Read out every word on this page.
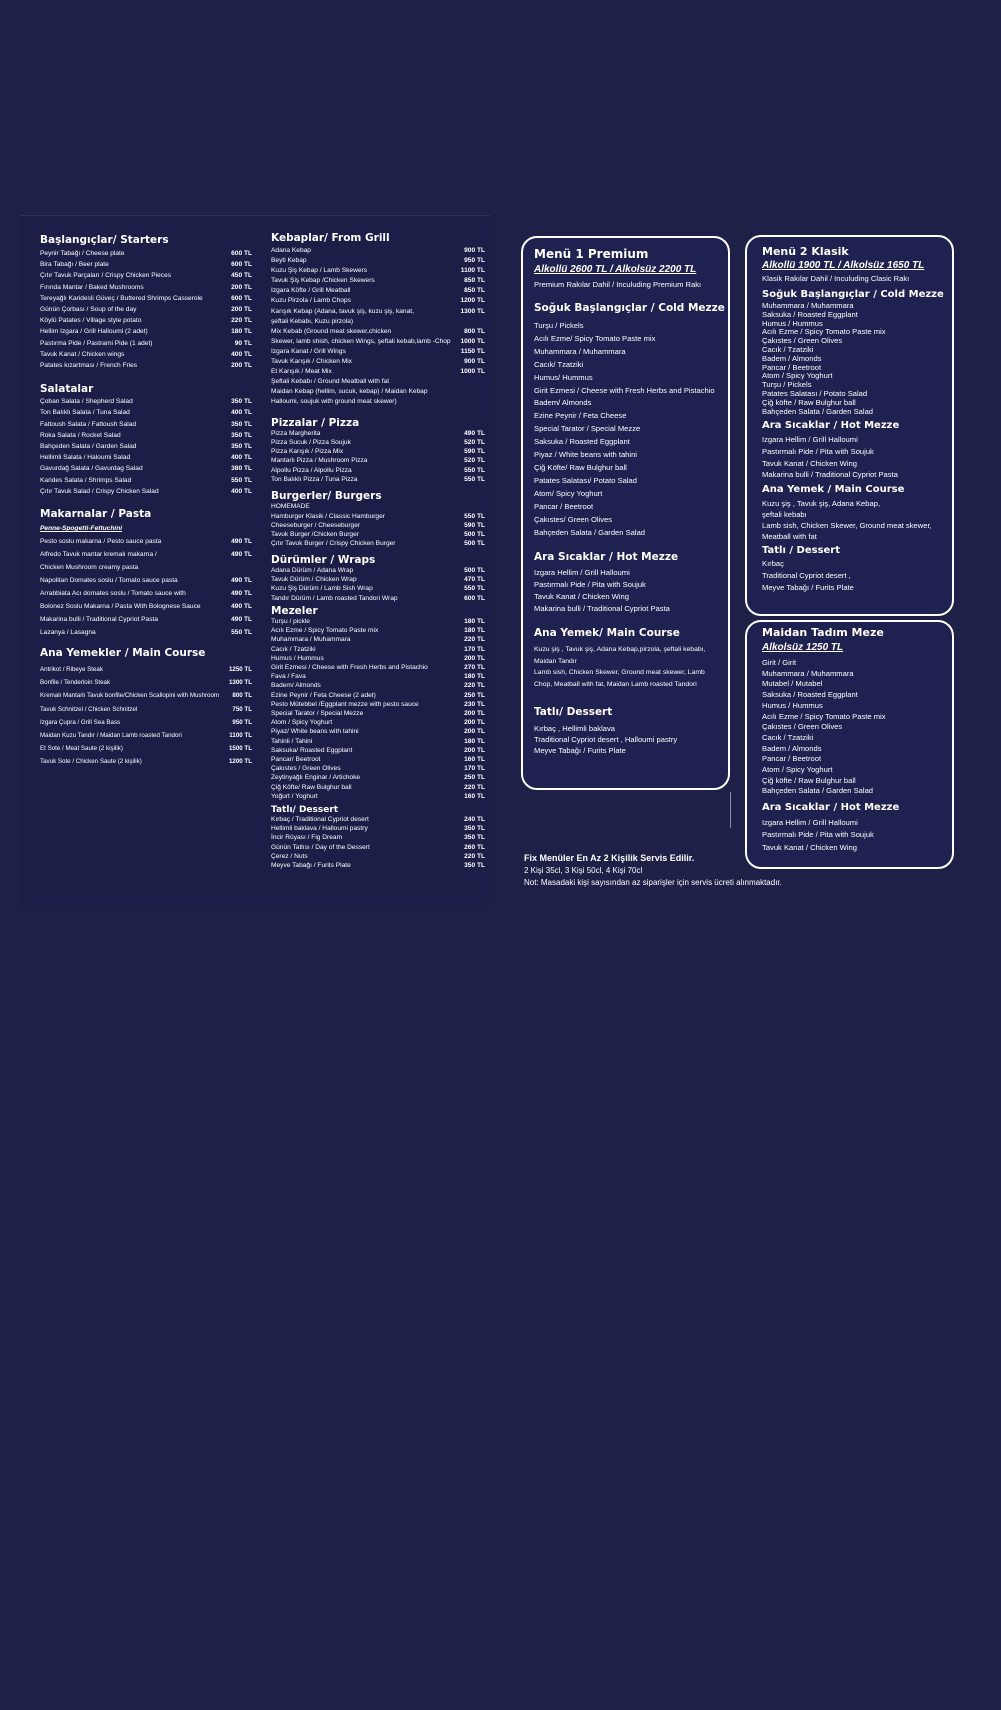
Başlangıçlar/ Starters

Peynir Tabağı / Cheese plate	600 TL
Bira Tabağı / Beer plate	600 TL
Çıtır Tavuk Parçaları / Crispy Chicken Pieces	450 TL
Fırında Mantar / Baked Mushrooms	200 TL
Tereyağlı Karidesli Güveç / Buttered Shrimps Casserole	600 TL
Günün Çorbası / Soup of the day	200 TL
Köylü Patates / Village style potato	220 TL
Hellim Izgara / Grill Halloumi (2 adet)	180 TL
Pastırma Pide / Pastrami Pide (1 adet)	90 TL
Tavuk Kanat / Chicken wings	400 TL
Patates kızartması / French Fries	200 TL

Salatalar

Çoban Salata / Shepherd Salad	350 TL
Ton Balıklı Salata / Tuna Salad	400 TL
Fattoush Salata / Fattoush Salad	350 TL
Roka Salata / Rocket Salad	350 TL
Bahçeden Salata / Garden Salad	350 TL
Hellimli Salata / Haloumi Salad	400 TL
Gavurdağ Salata / Gavurdag Salad	380 TL
Karides Salata / Shrimps Salad	550 TL
Çıtır Tavuk Salad / Crispy Chicken Salad	400 TL

Makarnalar / Pasta

Penne-Spogetti-Fettuchini
Pesto soslu makarna / Pesto sauce pasta	490 TL
Alfredo Tavuk mantar kremalı makarna /	490 TL
Chicken Mushroom creamy pasta
Napolitan Domates soslu / Tomato sauce pasta	490 TL
Arrabbiata Acı domates soslu / Tomato sauce with	490 TL
Bolonez Soslu Makarna / Pasta With Bolognese Sauce	490 TL
Makarina bulli / Traditional Cypriot Pasta	490 TL
Lazanya / Lasagna	550 TL

Ana Yemekler / Main Course

Antrikot / Ribeye Steak	1250 TL
Bonfile / Tenderloin Steak	1300 TL
Kremalı Mantarlı Tavuk bonfile/Chicken Scallopini with Mushroom 800 TL
Tavuk Schnitzel / Chicken Schnitzel	750 TL
Izgara Çupra / Grill Sea Bass	950 TL
Maidan Kuzu Tandır / Maidan Lamb roasted Tandori	1100 TL
Et Sote / Meat Saute (2 kişilik)	1500 TL
Tavuk Sote / Chicken Saute (2 kişilik)	1200 TL

Kebaplar/ From Grill

Adana Kebap	900 TL
Beyti Kebap	950 TL
Kuzu Şiş Kebap / Lamb Skewers	1100 TL
Tavuk Şiş Kebap /Chicken Skewers	850 TL
Izgara Köfte / Grill Meatball	850 TL
Kuzu Pirzola / Lamb Chops	1200 TL
Karışık Kebap (Adana, tavuk şiş, kuzu şiş, kanat,	1300 TL
şeftali Kebabı, Kuzu pirzola)
Mix Kebab (Ground meat skewer,chicken	800 TL
Skewer, lamb shish, chicken Wings, şeftali kebab,lamb -Chop 1000 TL
Izgara Kanat / Grill Wings	1150 TL
Tavuk Karışık / Chicken Mix	900 TL
Et Karışık / Meat Mix	1000 TL
Şeftali Kebabı / Ground Meatball with fat
Maidan Kebap (hellim, sucuk, kebap) / Maidan Kebap
Halloumi, soujuk with ground meat skewer)

Pizzalar / Pizza

Pizza Margherita	490 TL
Pizza Sucuk / Pizza Soujuk	520 TL
Pizza Karışık / Pizza Mix	590 TL
Mantarlı Pizza / Mushroom Pizza	520 TL
Alpollu Pizza / Alpollu Pizza	550 TL
Ton Balıklı Pizza / Tuna Pizza	550 TL

Burgerler/ Burgers

HOMEMADE
Hamburger Klasik / Classic Hamburger	550 TL
Cheeseburger / Cheeseburger	590 TL
Tavuk Burger /Chicken Burger	500 TL
Çıtır Tavuk Burger / Crispy Chicken Burger	500 TL

Dürümler / Wraps

Adana Dürüm / Adana Wrap	500 TL
Tavuk Dürüm / Chicken Wrap	470 TL
Kuzu Şiş Dürüm / Lamb Sish Wrap	550 TL
Tandır Dürüm / Lamb roasted Tandori Wrap	600 TL

Mezeler

Turşu / pickle	180 TL
Acılı Ezme / Spicy Tomato Paste mix	180 TL
Muhammara / Muhammara	220 TL
Cacık / Tzatziki	170 TL
Humus / Hummus	200 TL
Girit Ezmesi / Cheese with Fresh Herbs and Pistachio	270 TL
Fava / Fava	180 TL
Badem/ Almonds	220 TL
Ezine Peynir / Feta Cheese (2 adet)	250 TL
Pesto Mütebbel /Eggplant mezze with pesto sauce	230 TL
Special Tarator / Special Mezze	200 TL
Atom / Spicy Yoghurt	200 TL
Piyaz/ White beans with tahini	200 TL
Tahinli / Tahini	180 TL
Saksuka/ Roasted Eggplant	200 TL
Pancar/ Beetroot	160 TL
Çakıstes / Green Olives	170 TL
Zeytinyağlı Enginar / Artichoke	250 TL
Çiğ Köfte/ Raw Bulghur ball	220 TL
Yoğurt / Yoghurt	160 TL

Tatlı/ Dessert

Kırbaç / Traditional Cypriot desert	240 TL
Hellimli baklava / Halloumi pastry	350 TL
İncir Rüyası / Fig Dream	350 TL
Günün Tatlısı / Day of the Dessert	260 TL
Çerez / Nuts	220 TL
Meyve Tabağı / Furits Plate	350 TL

Menü 1 Premium

Alkollü 2600 TL / Alkolsüz 2200 TL

Premium Rakılar Dahil / Inculuding Premium Rakı

Soğuk Başlangıçlar / Cold Mezze

Turşu / Pickels
Acılı Ezme/ Spicy Tomato Paste mix
Muhammara / Muhammara
Cacık/ Tzatziki
Humus/ Hummus
Girit Ezmesi / Cheese with Fresh Herbs and Pistachio
Badem/ Almonds
Ezine Peynir / Feta Cheese
Special Tarator / Special Mezze
Saksuka / Roasted Eggplant
Piyaz / White beans with tahini
Çiğ Köfte/ Raw Bulghur ball
Patates Salatası/ Potato Salad
Atom/ Spicy Yoghurt
Pancar / Beetroot
Çakıstes/ Green Olives
Bahçeden Salata / Garden Salad

Ara Sıcaklar / Hot Mezze

Izgara Hellim / Grill Halloumi
Pastırmalı Pide / Pita with Soujuk
Tavuk Kanat / Chicken Wing
Makarina bulli / Traditional Cypriot Pasta

Ana Yemek/ Main Course

Kuzu şiş , Tavuk şiş, Adana Kebap,pirzola, şeftali kebabı,
Maidan Tandır
Lamb sish, Chicken Skewer, Ground meat skewer, Lamb
Chop, Meatball with fat, Maidan Lamb roasted Tandori

Tatlı/ Dessert

Kırbaç , Hellimli baklava
Traditional Cypriot desert , Halloumi pastry
Meyve Tabağı / Furits Plate

Menü 2 Klasik

Alkollü 1900 TL / Alkolsüz 1650 TL

Klasik Rakılar Dahil / Inculuding Clasic Rakı

Soğuk Başlangıçlar / Cold Mezze

Muhammara / Muhammara
Saksuka / Roasted Eggplant
Humus / Hummus
Acılı Ezme / Spicy Tomato Paste mix
Çakıstes / Green Olives
Cacık / Tzatziki
Badem / Almonds
Pancar / Beetroot
Atom / Spicy Yoghurt
Turşu / Pickels
Patates Salatası / Potato Salad
Çiğ köfte / Raw Bulghur ball
Bahçeden Salata / Garden Salad

Ara Sıcaklar / Hot Mezze

Izgara Hellim / Grill Halloumi
Pastırmalı Pide / Pita with Soujuk
Tavuk Kanat / Chicken Wing
Makarina bulli / Traditional Cypriot Pasta

Ana Yemek / Main Course

Kuzu şiş , Tavuk şiş, Adana Kebap,
şeftali kebabı
Lamb sish, Chicken Skewer, Ground meat skewer,
Meatball with fat

Tatlı / Dessert

Kırbaç
Traditional Cypriot desert ,
Meyve Tabağı / Furits Plate

Maidan Tadım Meze

Alkolsüz 1250 TL

Girit / Girit
Muhammara / Muhammara
Mutabel / Mutabel
Saksuka / Roasted Eggplant
Humus / Hummus
Acılı Ezme / Spicy Tomato Paste mix
Çakıstes / Green Olives
Cacık / Tzatziki
Badem / Almonds
Pancar / Beetroot
Atom / Spicy Yoghurt
Çiğ köfte / Raw Bulghur ball
Bahçeden Salata / Garden Salad

Ara Sıcaklar / Hot Mezze

Izgara Hellim / Grill Halloumi
Pastırmalı Pide / Pita with Soujuk
Tavuk Kanat / Chicken Wing
Fix Menüler En Az 2 Kişilik Servis Edilir.
2 Kişi 35cl, 3 Kişi 50cl, 4 Kişi 70cl
Not: Masadaki kişi sayısından az siparişler için servis ücreti alınmaktadır.
